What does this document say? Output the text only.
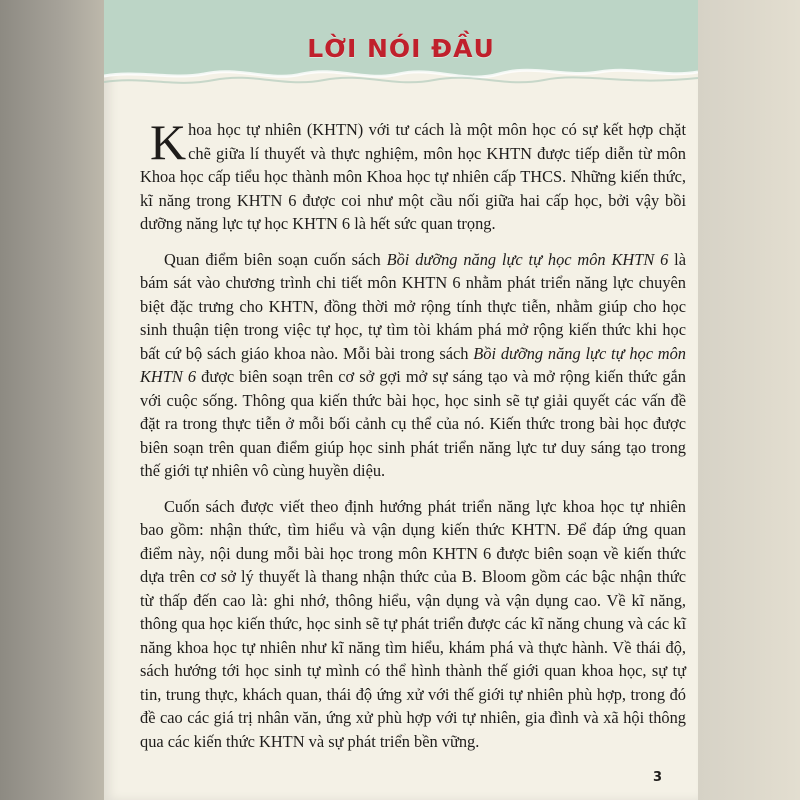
LỜI NÓI ĐẦU

Khoa học tự nhiên (KHTN) với tư cách là một môn học có sự kết hợp chặt chẽ giữa lí thuyết và thực nghiệm, môn học KHTN được tiếp diễn từ môn Khoa học cấp tiểu học thành môn Khoa học tự nhiên cấp THCS. Những kiến thức, kĩ năng trong KHTN 6 được coi như một cầu nối giữa hai cấp học, bởi vậy bồi dưỡng năng lực tự học KHTN 6 là hết sức quan trọng.

Quan điểm biên soạn cuốn sách Bồi dưỡng năng lực tự học môn KHTN 6 là bám sát vào chương trình chi tiết môn KHTN 6 nhằm phát triển năng lực chuyên biệt đặc trưng cho KHTN, đồng thời mở rộng tính thực tiễn, nhằm giúp cho học sinh thuận tiện trong việc tự học, tự tìm tòi khám phá mở rộng kiến thức khi học bất cứ bộ sách giáo khoa nào. Mỗi bài trong sách Bồi dưỡng năng lực tự học môn KHTN 6 được biên soạn trên cơ sở gợi mở sự sáng tạo và mở rộng kiến thức gắn với cuộc sống. Thông qua kiến thức bài học, học sinh sẽ tự giải quyết các vấn đề đặt ra trong thực tiễn ở mỗi bối cảnh cụ thể của nó. Kiến thức trong bài học được biên soạn trên quan điểm giúp học sinh phát triển năng lực tư duy sáng tạo trong thế giới tự nhiên vô cùng huyền diệu.

Cuốn sách được viết theo định hướng phát triển năng lực khoa học tự nhiên bao gồm: nhận thức, tìm hiểu và vận dụng kiến thức KHTN. Để đáp ứng quan điểm này, nội dung mỗi bài học trong môn KHTN 6 được biên soạn về kiến thức dựa trên cơ sở lý thuyết là thang nhận thức của B. Bloom gồm các bậc nhận thức từ thấp đến cao là: ghi nhớ, thông hiểu, vận dụng và vận dụng cao. Về kĩ năng, thông qua học kiến thức, học sinh sẽ tự phát triển được các kĩ năng chung và các kĩ năng khoa học tự nhiên như kĩ năng tìm hiểu, khám phá và thực hành. Về thái độ, sách hướng tới học sinh tự mình có thể hình thành thế giới quan khoa học, sự tự tin, trung thực, khách quan, thái độ ứng xử với thế giới tự nhiên phù hợp, trong đó đề cao các giá trị nhân văn, ứng xử phù hợp với tự nhiên, gia đình và xã hội thông qua các kiến thức KHTN và sự phát triển bền vững.

3
